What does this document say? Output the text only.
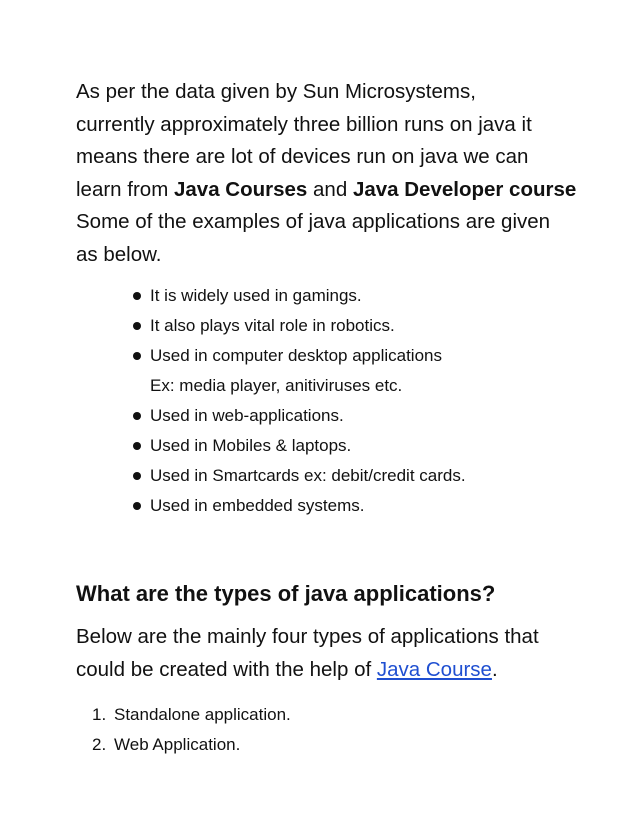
As per the data given by Sun Microsystems,
currently approximately three billion runs on java it
means there are lot of devices run on java we can
learn from Java Courses and Java Developer course
Some of the examples of java applications are given
as below.

It is widely used in gamings.
It also plays vital role in robotics.
Used in computer desktop applications
Ex: media player, anitiviruses etc.
Used in web-applications.
Used in Mobiles & laptops.
Used in Smartcards ex: debit/credit cards.
Used in embedded systems.
What are the types of java applications?

Below are the mainly four types of applications that
could be created with the help of Java Course.

1. Standalone application.
2. Web Application.
